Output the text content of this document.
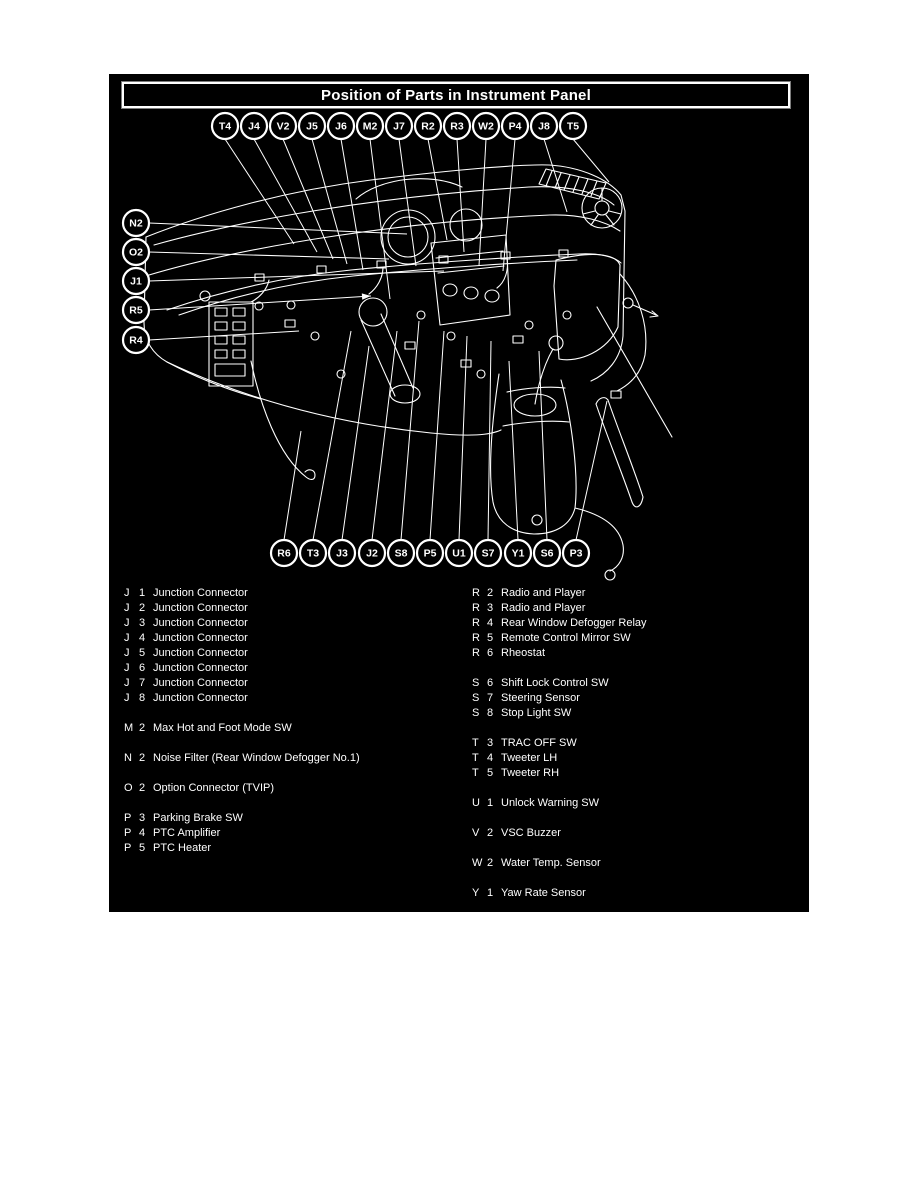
Position of Parts in Instrument Panel
T4 J4 V2 J5 J6 M2 J7 R2 R3 W2 P4 J8 T5
N2
O2
J1
R5
R4
R6 T3 J3 J2 S8 P5 U1 S7 Y1 S6 P3
J 1 Junction Connector
J 2 Junction Connector
J 3 Junction Connector
J 4 Junction Connector
J 5 Junction Connector
J 6 Junction Connector
J 7 Junction Connector
J 8 Junction Connector
M 2 Max Hot and Foot Mode SW
N 2 Noise Filter (Rear Window Defogger No.1)
O 2 Option Connector (TVIP)
P 3 Parking Brake SW
P 4 PTC Amplifier
P 5 PTC Heater
R 2 Radio and Player
R 3 Radio and Player
R 4 Rear Window Defogger Relay
R 5 Remote Control Mirror SW
R 6 Rheostat
S 6 Shift Lock Control SW
S 7 Steering Sensor
S 8 Stop Light SW
T 3 TRAC OFF SW
T 4 Tweeter LH
T 5 Tweeter RH
U 1 Unlock Warning SW
V 2 VSC Buzzer
W 2 Water Temp. Sensor
Y 1 Yaw Rate Sensor
